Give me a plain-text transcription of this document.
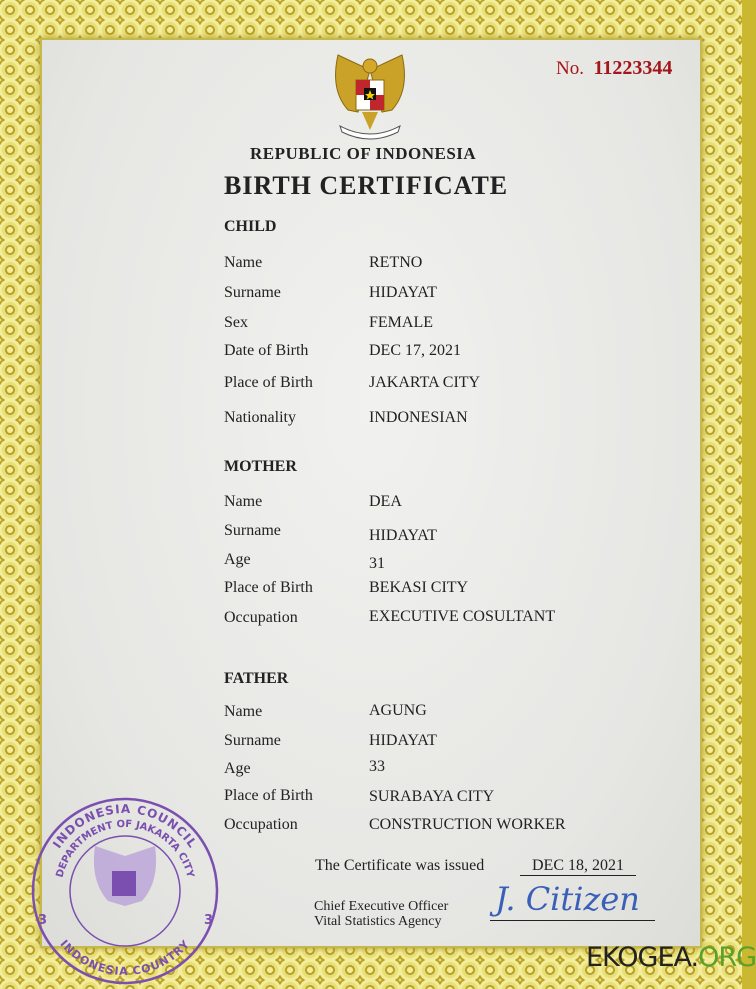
No. 11223344
REPUBLIC OF INDONESIA
BIRTH CERTIFICATE
CHILD
Name	RETNO
Surname	HIDAYAT
Sex	FEMALE
Date of Birth	DEC 17, 2021
Place of Birth	JAKARTA CITY
Nationality	INDONESIAN
MOTHER
Name	DEA
Surname	HIDAYAT
Age	31
Place of Birth	BEKASI CITY
Occupation	EXECUTIVE COSULTANT
FATHER
Name	AGUNG
Surname	HIDAYAT
Age	33
Place of Birth	SURABAYA CITY
Occupation	CONSTRUCTION WORKER
The Certificate was issued	DEC 18, 2021
Chief Executive Officer
Vital Statistics Agency
J. Citizen
INDONESIA COUNCIL
DEPARTMENT OF JAKARTA CITY
INDONESIA COUNTRY
3	3
EKOGEA.ORG
